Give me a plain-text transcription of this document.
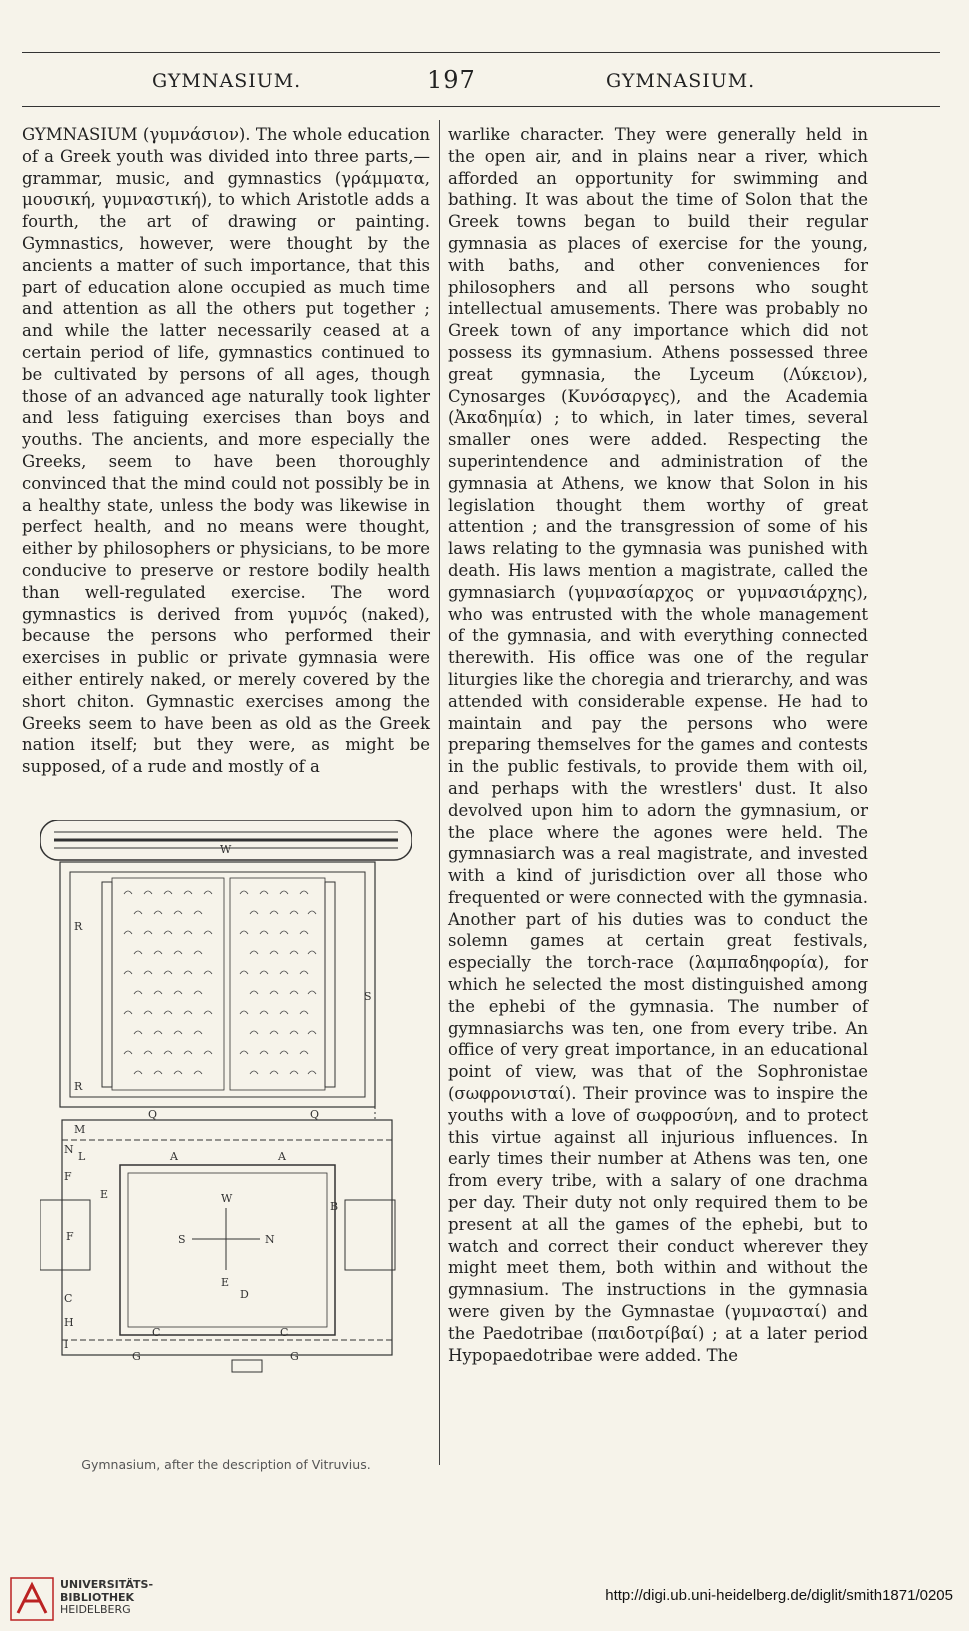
GYMNASIUM.	197	GYMNASIUM.

GYMNASIUM (γυμνάσιον). The whole education of a Greek youth was divided into three parts,—grammar, music, and gymnastics (γράμματα, μουσική, γυμναστική), to which Aristotle adds a fourth, the art of drawing or painting. Gymnastics, however, were thought by the ancients a matter of such importance, that this part of education alone occupied as much time and attention as all the others put together ; and while the latter necessarily ceased at a certain period of life, gymnastics continued to be cultivated by persons of all ages, though those of an advanced age naturally took lighter and less fatiguing exercises than boys and youths. The ancients, and more especially the Greeks, seem to have been thoroughly convinced that the mind could not possibly be in a healthy state, unless the body was likewise in perfect health, and no means were thought, either by philosophers or physicians, to be more conducive to preserve or restore bodily health than well-regulated exercise. The word gymnastics is derived from γυμνός (naked), because the persons who performed their exercises in public or private gymnasia were either entirely naked, or merely covered by the short chiton. Gymnastic exercises among the Greeks seem to have been as old as the Greek nation itself; but they were, as might be supposed, of a rude and mostly of a

warlike character. They were generally held in the open air, and in plains near a river, which afforded an opportunity for swimming and bathing. It was about the time of Solon that the Greek towns began to build their regular gymnasia as places of exercise for the young, with baths, and other conveniences for philosophers and all persons who sought intellectual amusements. There was probably no Greek town of any importance which did not possess its gymnasium. Athens possessed three great gymnasia, the Lyceum (Λύκειον), Cynosarges (Κυνόσαργες), and the Academia (Ἀκαδημία) ; to which, in later times, several smaller ones were added. Respecting the superintendence and administration of the gymnasia at Athens, we know that Solon in his legislation thought them worthy of great attention ; and the transgression of some of his laws relating to the gymnasia was punished with death. His laws mention a magistrate, called the gymnasiarch (γυμνασίαρχος or γυμνασιάρχης), who was entrusted with the whole management of the gymnasia, and with everything connected therewith. His office was one of the regular liturgies like the choregia and trierarchy, and was attended with considerable expense. He had to maintain and pay the persons who were preparing themselves for the games and contests in the public festivals, to provide them with oil, and perhaps with the wrestlers' dust. It also devolved upon him to adorn the gymnasium, or the place where the agones were held. The gymnasiarch was a real magistrate, and invested with a kind of jurisdiction over all those who frequented or were connected with the gymnasia. Another part of his duties was to conduct the solemn games at certain great festivals, especially the torch-race (λαμπαδηφορία), for which he selected the most distinguished among the ephebi of the gymnasia. The number of gymnasiarchs was ten, one from every tribe. An office of very great importance, in an educational point of view, was that of the Sophronistae (σωφρονισταί). Their province was to inspire the youths with a love of σωφροσύνη, and to protect this virtue against all injurious influences. In early times their number at Athens was ten, one from every tribe, with a salary of one drachma per day. Their duty not only required them to be present at all the games of the ephebi, but to watch and correct their conduct wherever they might meet them, both within and without the gymnasium. The instructions in the gymnasia were given by the Gymnastae (γυμνασταί) and the Paedotribae (παιδοτρίβαί) ; at a later period Hypopaedotribae were added. The

W
R
R
S
Q	Q
M
N
L
F
F
E
C
H
I
A	A
B
C	C
G	G
W
S	N
E
D
Gymnasium, after the description of Vitruvius.
UNIVERSITÄTS-
BIBLIOTHEK
HEIDELBERG
http://digi.ub.uni-heidelberg.de/diglit/smith1871/0205
